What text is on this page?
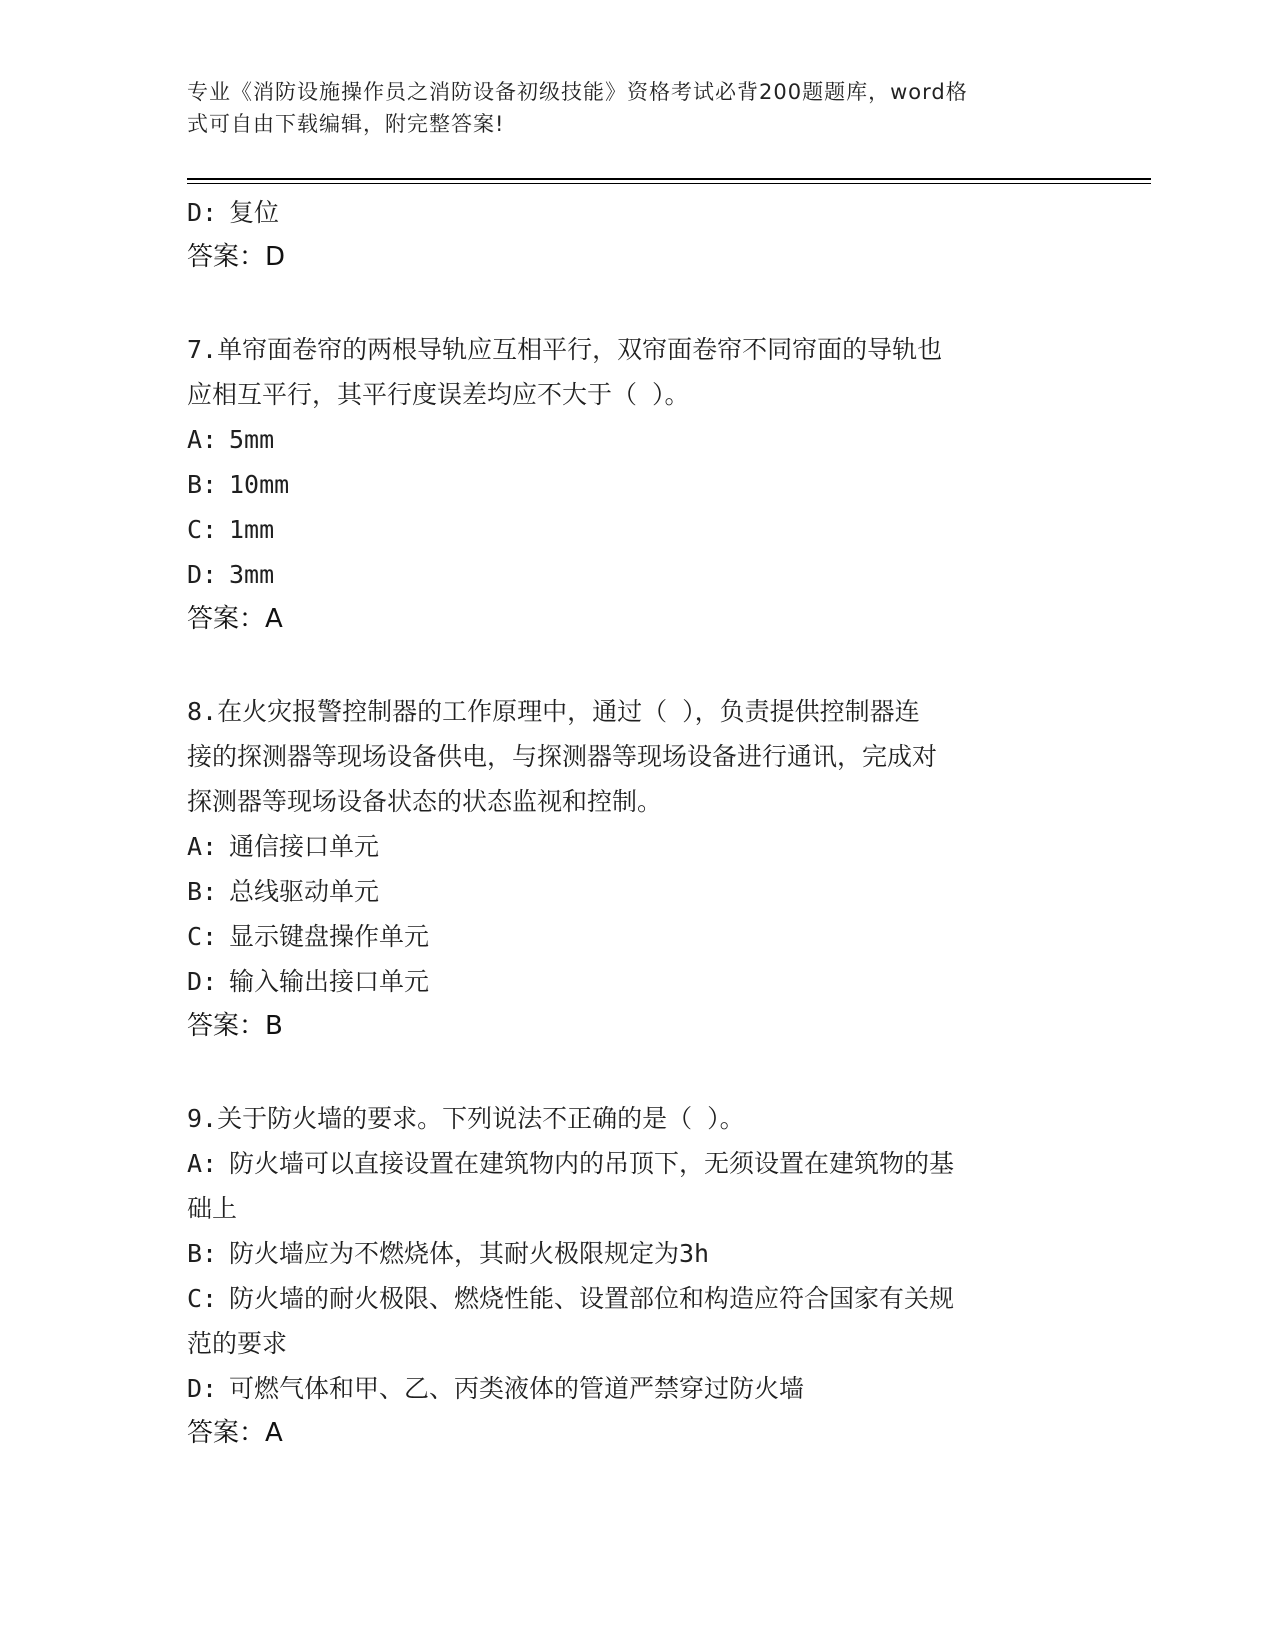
专业《消防设施操作员之消防设备初级技能》资格考试必背200题题库，word格
式可自由下载编辑，附完整答案!
D: 复位
答案：D
7.单帘面卷帘的两根导轨应互相平行，双帘面卷帘不同帘面的导轨也
应相互平行，其平行度误差均应不大于（ ）。
A: 5mm
B: 10mm
C: 1mm
D: 3mm
答案：A
8.在火灾报警控制器的工作原理中，通过（ ），负责提供控制器连
接的探测器等现场设备供电，与探测器等现场设备进行通讯，完成对
探测器等现场设备状态的状态监视和控制。
A: 通信接口单元
B: 总线驱动单元
C: 显示键盘操作单元
D: 输入输出接口单元
答案：B
9.关于防火墙的要求。下列说法不正确的是（ ）。
A: 防火墙可以直接设置在建筑物内的吊顶下，无须设置在建筑物的基
础上
B: 防火墙应为不燃烧体，其耐火极限规定为3h
C: 防火墙的耐火极限、燃烧性能、设置部位和构造应符合国家有关规
范的要求
D: 可燃气体和甲、乙、丙类液体的管道严禁穿过防火墙
答案：A
